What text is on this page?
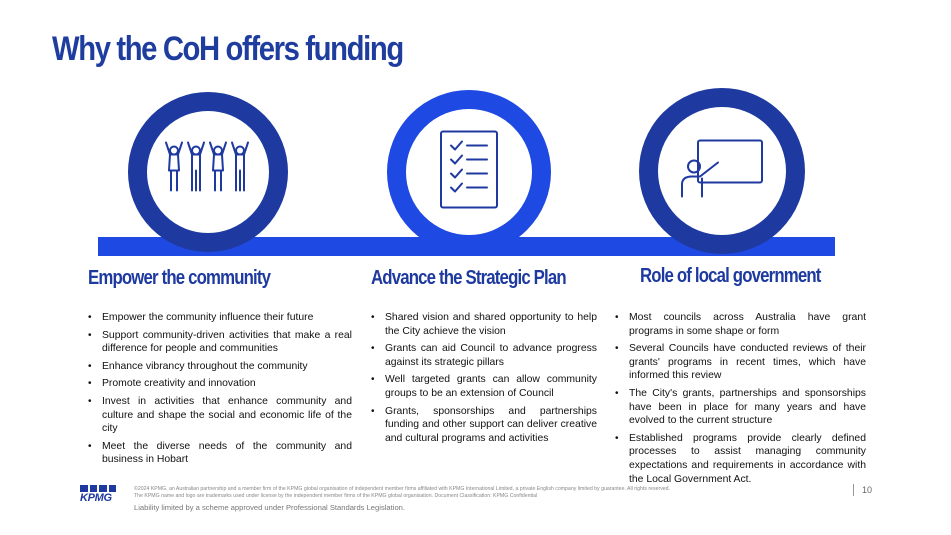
Why the CoH offers funding
Empower the community	Advance the Strategic Plan	Role of local government
• Empower the community influence their future
• Support community-driven activities that make a real difference for people and communities
• Enhance vibrancy throughout the community
• Promote creativity and innovation
• Invest in activities that enhance community and culture and shape the social and economic life of the city
• Meet the diverse needs of the community and business in Hobart
• Shared vision and shared opportunity to help the City achieve the vision
• Grants can aid Council to advance progress against its strategic pillars
• Well targeted grants can allow community groups to be an extension of Council
• Grants, sponsorships and partnerships funding and other support can deliver creative and cultural programs and activities
• Most councils across Australia have grant programs in some shape or form
• Several Councils have conducted reviews of their grants' programs in recent times, which have informed this review
• The City's grants, partnerships and sponsorships have been in place for many years and have evolved to the current structure
• Established programs provide clearly defined processes to assist managing community expectations and requirements in accordance with the Local Government Act.
KPMG
©2024 KPMG, an Australian partnership and a member firm of the KPMG global organisation of independent member firms affiliated with KPMG International Limited, a private English company limited by guarantee. All rights reserved.
The KPMG name and logo are trademarks used under license by the independent member firms of the KPMG global organisation. Document Classification: KPMG Confidential
Liability limited by a scheme approved under Professional Standards Legislation.
10
